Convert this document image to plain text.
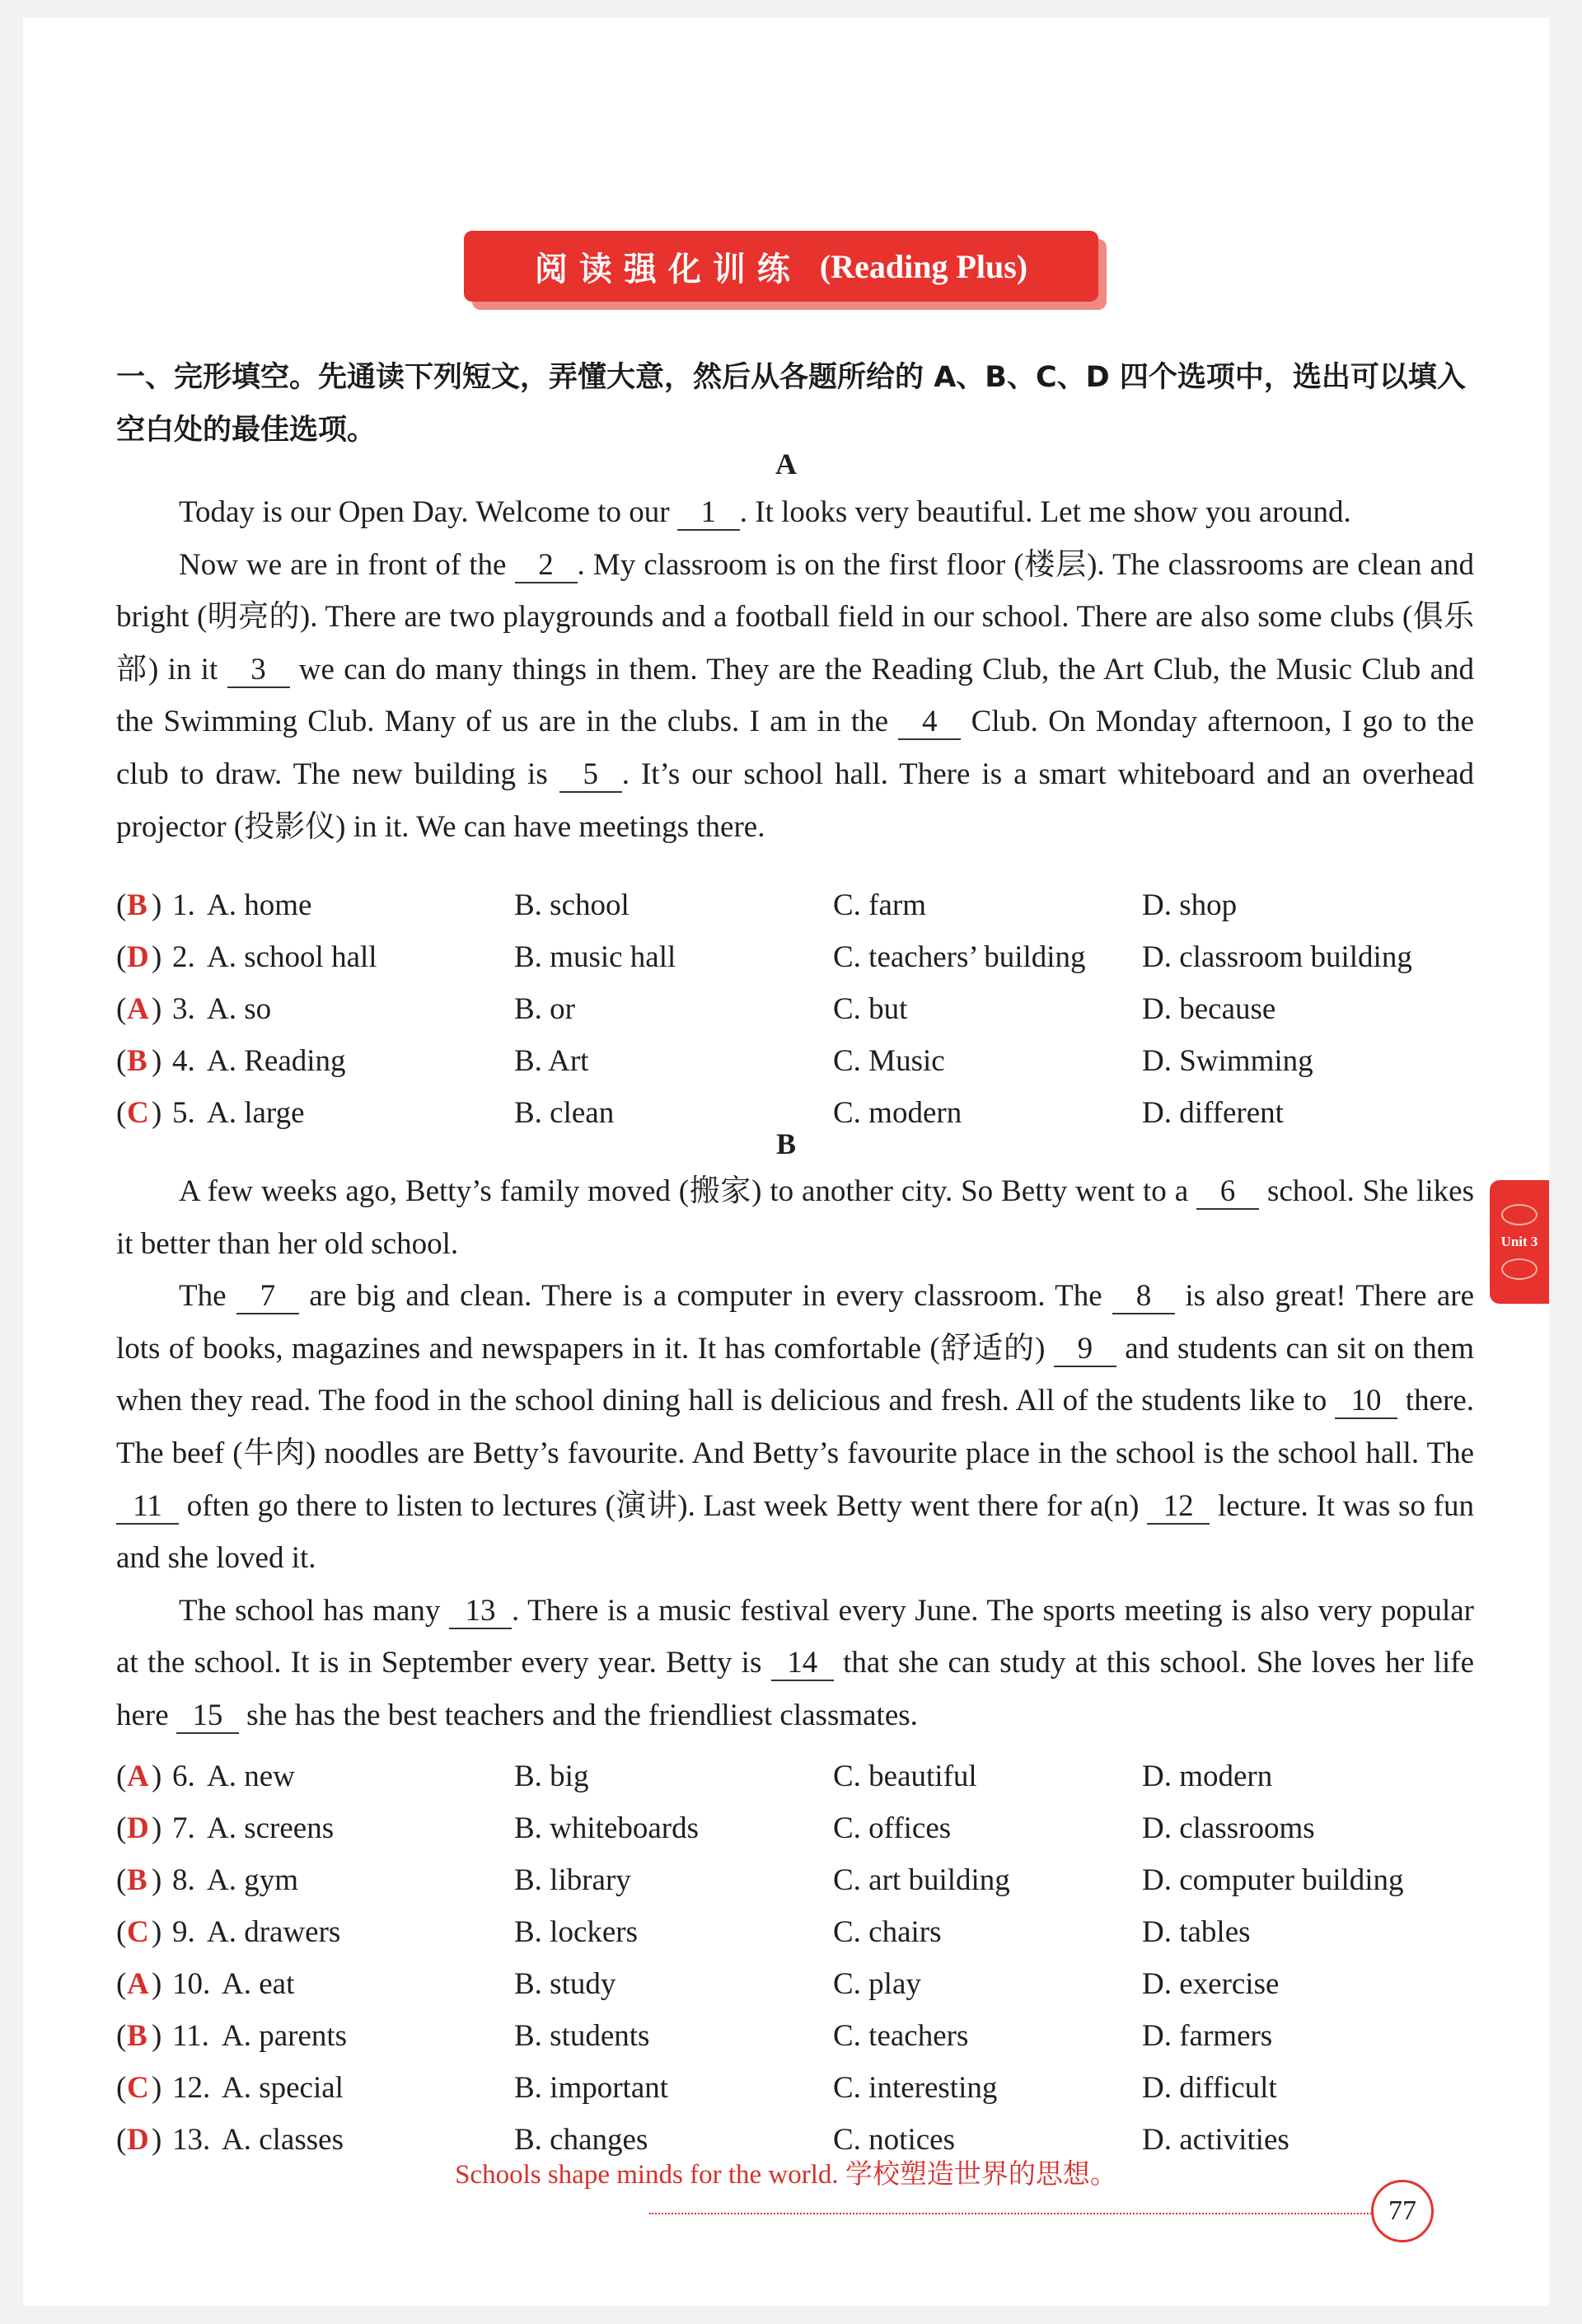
阅读强化训练 (Reading Plus)
一、完形填空。先通读下列短文，弄懂大意，然后从各题所给的 A、B、C、D 四个选项中，选出可以填入空白处的最佳选项。
A

Today is our Open Day. Welcome to our 1 . It looks very beautiful. Let me show you around.

Now we are in front of the 2 . My classroom is on the first floor (楼层). The classrooms are clean and bright (明亮的). There are two playgrounds and a football field in our school. There are also some clubs (俱乐部) in it 3 we can do many things in them. They are the Reading Club, the Art Club, the Music Club and the Swimming Club. Many of us are in the clubs. I am in the 4 Club. On Monday afternoon, I go to the club to draw. The new building is 5 . It’s our school hall. There is a smart whiteboard and an overhead projector (投影仪) in it. We can have meetings there.

( B ) 1. A. home	B. school	C. farm	D. shop
( D ) 2. A. school hall	B. music hall	C. teachers’ building D. classroom building
( A ) 3. A. so	B. or	C. but	D. because
( B ) 4. A. Reading	B. Art	C. Music	D. Swimming
( C ) 5. A. large	B. clean	C. modern	D. different
B

A few weeks ago, Betty’s family moved (搬家) to another city. So Betty went to a 6 school. She likes it better than her old school.

The 7 are big and clean. There is a computer in every classroom. The 8 is also great! There are lots of books, magazines and newspapers in it. It has comfortable (舒适的) 9 and students can sit on them when they read. The food in the school dining hall is delicious and fresh. All of the students like to 10 there. The beef (牛肉) noodles are Betty’s favourite. And Betty’s favourite place in the school is the school hall. The 11 often go there to listen to lectures (演讲). Last week Betty went there for a(n) 12 lecture. It was so fun and she loved it.

The school has many 13 . There is a music festival every June. The sports meeting is also very popular at the school. It is in September every year. Betty is 14 that she can study at this school. She loves her life here 15 she has the best teachers and the friendliest classmates.

( A ) 6. A. new	B. big	C. beautiful	D. modern
( D ) 7. A. screens	B. whiteboards	C. offices	D. classrooms
( B ) 8. A. gym	B. library	C. art building	D. computer building
( C ) 9. A. drawers	B. lockers	C. chairs	D. tables
( A ) 10. A. eat	B. study	C. play	D. exercise
( B ) 11. A. parents	B. students	C. teachers	D. farmers
( C ) 12. A. special	B. important	C. interesting	D. difficult
( D ) 13. A. classes	B. changes	C. notices	D. activities
Unit 3
Schools shape minds for the world. 学校塑造世界的思想。
77
